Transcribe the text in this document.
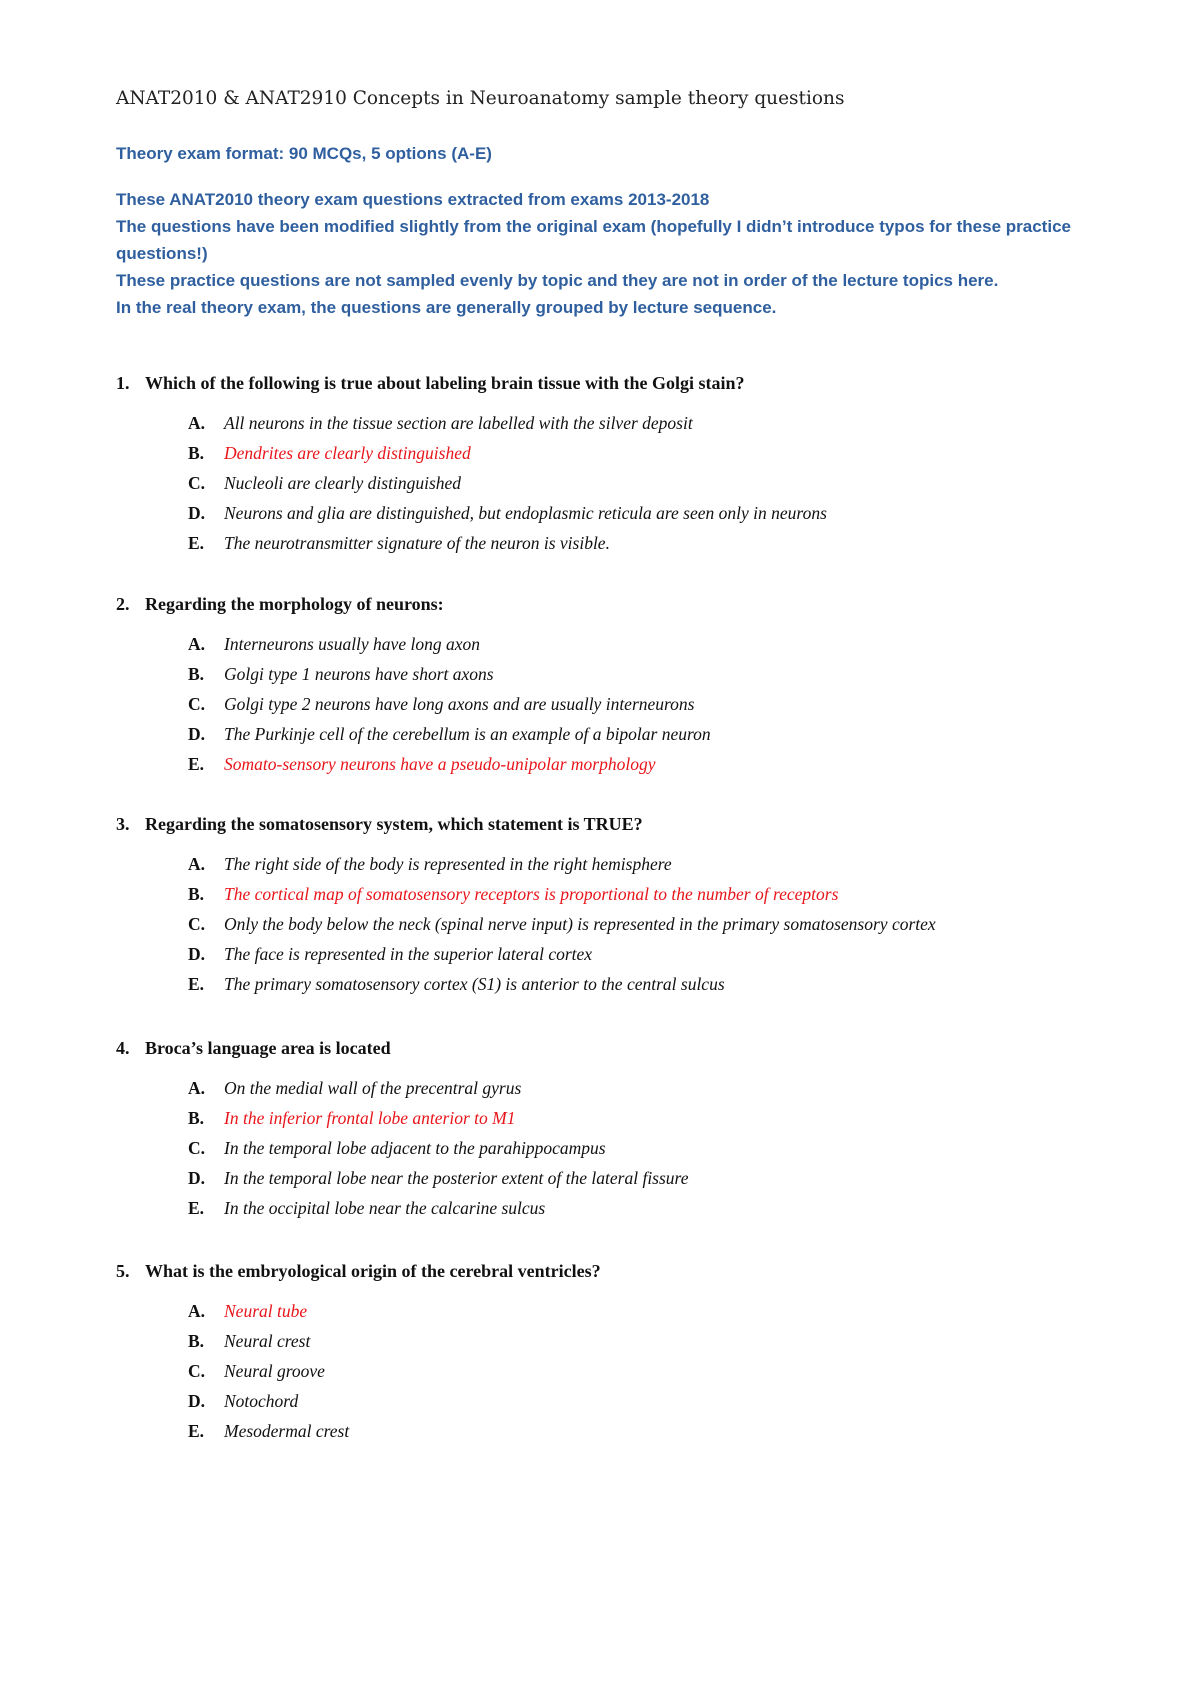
ANAT2010 & ANAT2910 Concepts in Neuroanatomy sample theory questions
Theory exam format: 90 MCQs, 5 options (A-E)
These ANAT2010 theory exam questions extracted from exams 2013-2018
The questions have been modified slightly from the original exam (hopefully I didn’t introduce typos for these practice questions!)
These practice questions are not sampled evenly by topic and they are not in order of the lecture topics here.
In the real theory exam, the questions are generally grouped by lecture sequence.
1. Which of the following is true about labeling brain tissue with the Golgi stain?
A. All neurons in the tissue section are labelled with the silver deposit
B. Dendrites are clearly distinguished
C. Nucleoli are clearly distinguished
D. Neurons and glia are distinguished, but endoplasmic reticula are seen only in neurons
E. The neurotransmitter signature of the neuron is visible.
2. Regarding the morphology of neurons:
A. Interneurons usually have long axon
B. Golgi type 1 neurons have short axons
C. Golgi type 2 neurons have long axons and are usually interneurons
D. The Purkinje cell of the cerebellum is an example of a bipolar neuron
E. Somato-sensory neurons have a pseudo-unipolar morphology
3. Regarding the somatosensory system, which statement is TRUE?
A. The right side of the body is represented in the right hemisphere
B. The cortical map of somatosensory receptors is proportional to the number of receptors
C. Only the body below the neck (spinal nerve input) is represented in the primary somatosensory cortex
D. The face is represented in the superior lateral cortex
E. The primary somatosensory cortex (S1) is anterior to the central sulcus
4. Broca’s language area is located
A. On the medial wall of the precentral gyrus
B. In the inferior frontal lobe anterior to M1
C. In the temporal lobe adjacent to the parahippocampus
D. In the temporal lobe near the posterior extent of the lateral fissure
E. In the occipital lobe near the calcarine sulcus
5. What is the embryological origin of the cerebral ventricles?
A. Neural tube
B. Neural crest
C. Neural groove
D. Notochord
E. Mesodermal crest
